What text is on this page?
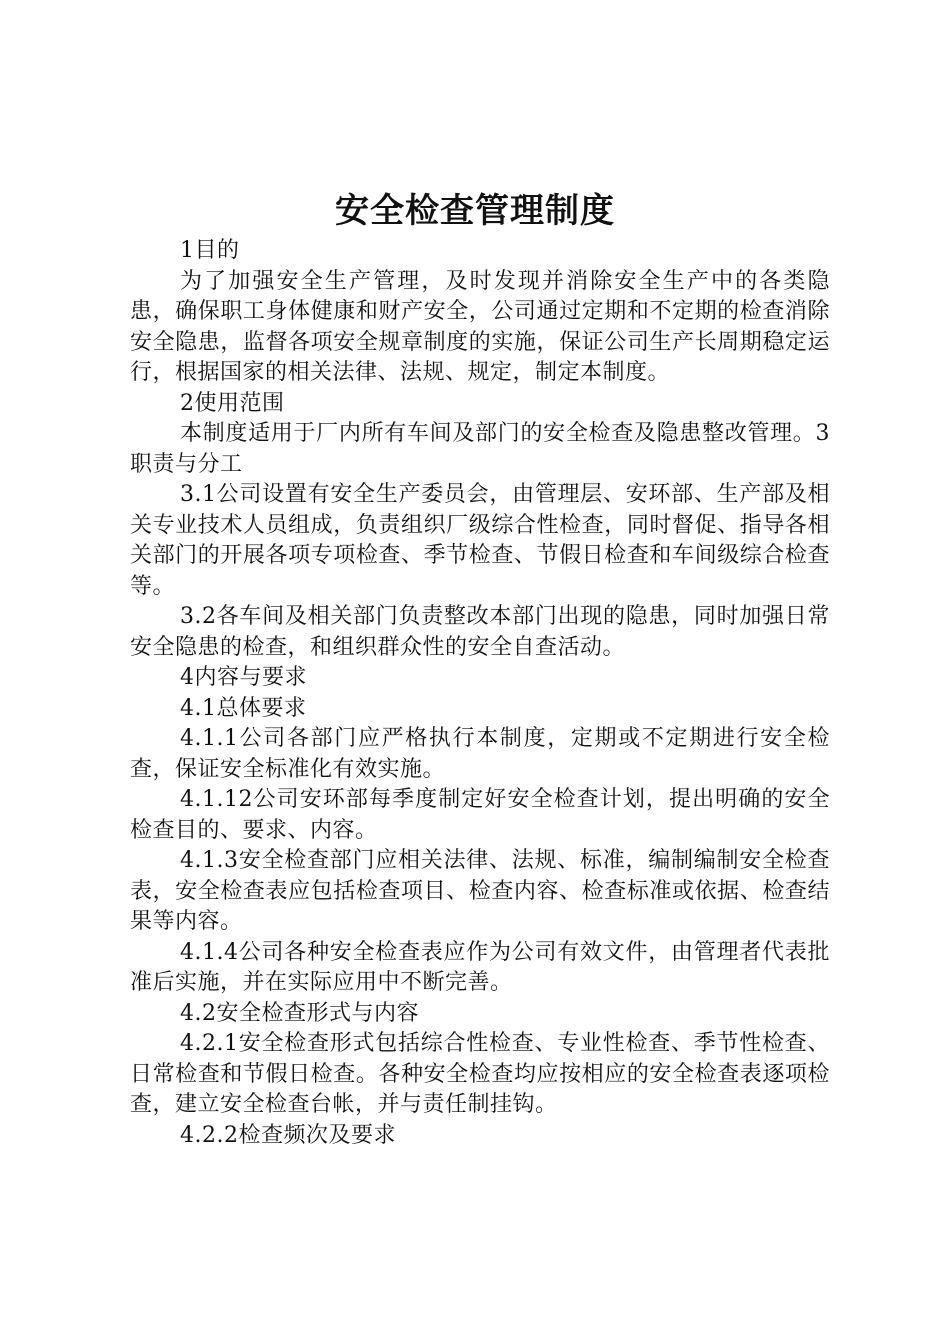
安全检查管理制度

1目的

为了加强安全生产管理，及时发现并消除安全生产中的各类隐患，确保职工身体健康和财产安全，公司通过定期和不定期的检查消除安全隐患，监督各项安全规章制度的实施，保证公司生产长周期稳定运行，根据国家的相关法律、法规、规定，制定本制度。

2使用范围

本制度适用于厂内所有车间及部门的安全检查及隐患整改管理。3职责与分工

3.1公司设置有安全生产委员会，由管理层、安环部、生产部及相关专业技术人员组成，负责组织厂级综合性检查，同时督促、指导各相关部门的开展各项专项检查、季节检查、节假日检查和车间级综合检查等。

3.2各车间及相关部门负责整改本部门出现的隐患，同时加强日常安全隐患的检查，和组织群众性的安全自查活动。

4内容与要求

4.1总体要求

4.1.1公司各部门应严格执行本制度，定期或不定期进行安全检查，保证安全标准化有效实施。

4.1.12公司安环部每季度制定好安全检查计划，提出明确的安全检查目的、要求、内容。

4.1.3安全检查部门应相关法律、法规、标准，编制编制安全检查表，安全检查表应包括检查项目、检查内容、检查标准或依据、检查结果等内容。

4.1.4公司各种安全检查表应作为公司有效文件，由管理者代表批准后实施，并在实际应用中不断完善。

4.2安全检查形式与内容

4.2.1安全检查形式包括综合性检查、专业性检查、季节性检查、日常检查和节假日检查。各种安全检查均应按相应的安全检查表逐项检查，建立安全检查台帐，并与责任制挂钩。

4.2.2检查频次及要求
